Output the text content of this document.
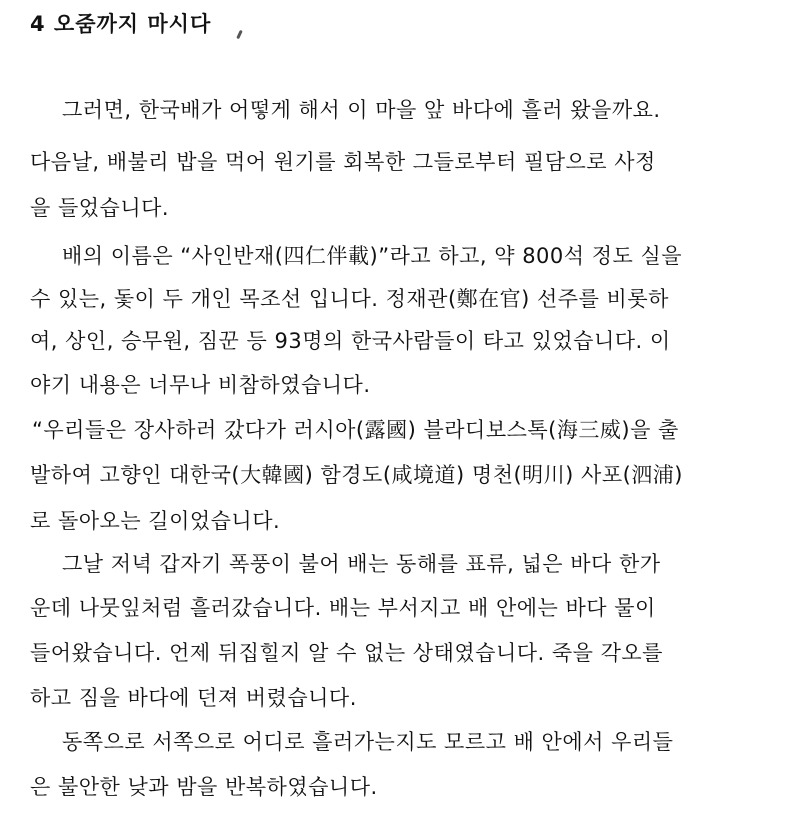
4 오줌까지 마시다
그러면, 한국배가 어떻게 해서 이 마을 앞 바다에 흘러 왔을까요.
다음날, 배불리 밥을 먹어 원기를 회복한 그들로부터 필담으로 사정
을 들었습니다.
배의 이름은 “사인반재(四仁伴載)”라고 하고, 약 800석 정도 실을
수 있는, 돛이 두 개인 목조선 입니다. 정재관(鄭在官) 선주를 비롯하
여, 상인, 승무원, 짐꾼 등 93명의 한국사람들이 타고 있었습니다. 이
야기 내용은 너무나 비참하였습니다.
“우리들은 장사하러 갔다가 러시아(露國) 블라디보스톡(海三威)을 출
발하여 고향인 대한국(大韓國) 함경도(咸境道) 명천(明川) 사포(泗浦)
로 돌아오는 길이었습니다.
그날 저녁 갑자기 폭풍이 불어 배는 동해를 표류, 넓은 바다 한가
운데 나뭇잎처럼 흘러갔습니다. 배는 부서지고 배 안에는 바다 물이
들어왔습니다. 언제 뒤집힐지 알 수 없는 상태였습니다. 죽을 각오를
하고 짐을 바다에 던져 버렸습니다.
동쪽으로 서쪽으로 어디로 흘러가는지도 모르고 배 안에서 우리들
은 불안한 낮과 밤을 반복하였습니다.
